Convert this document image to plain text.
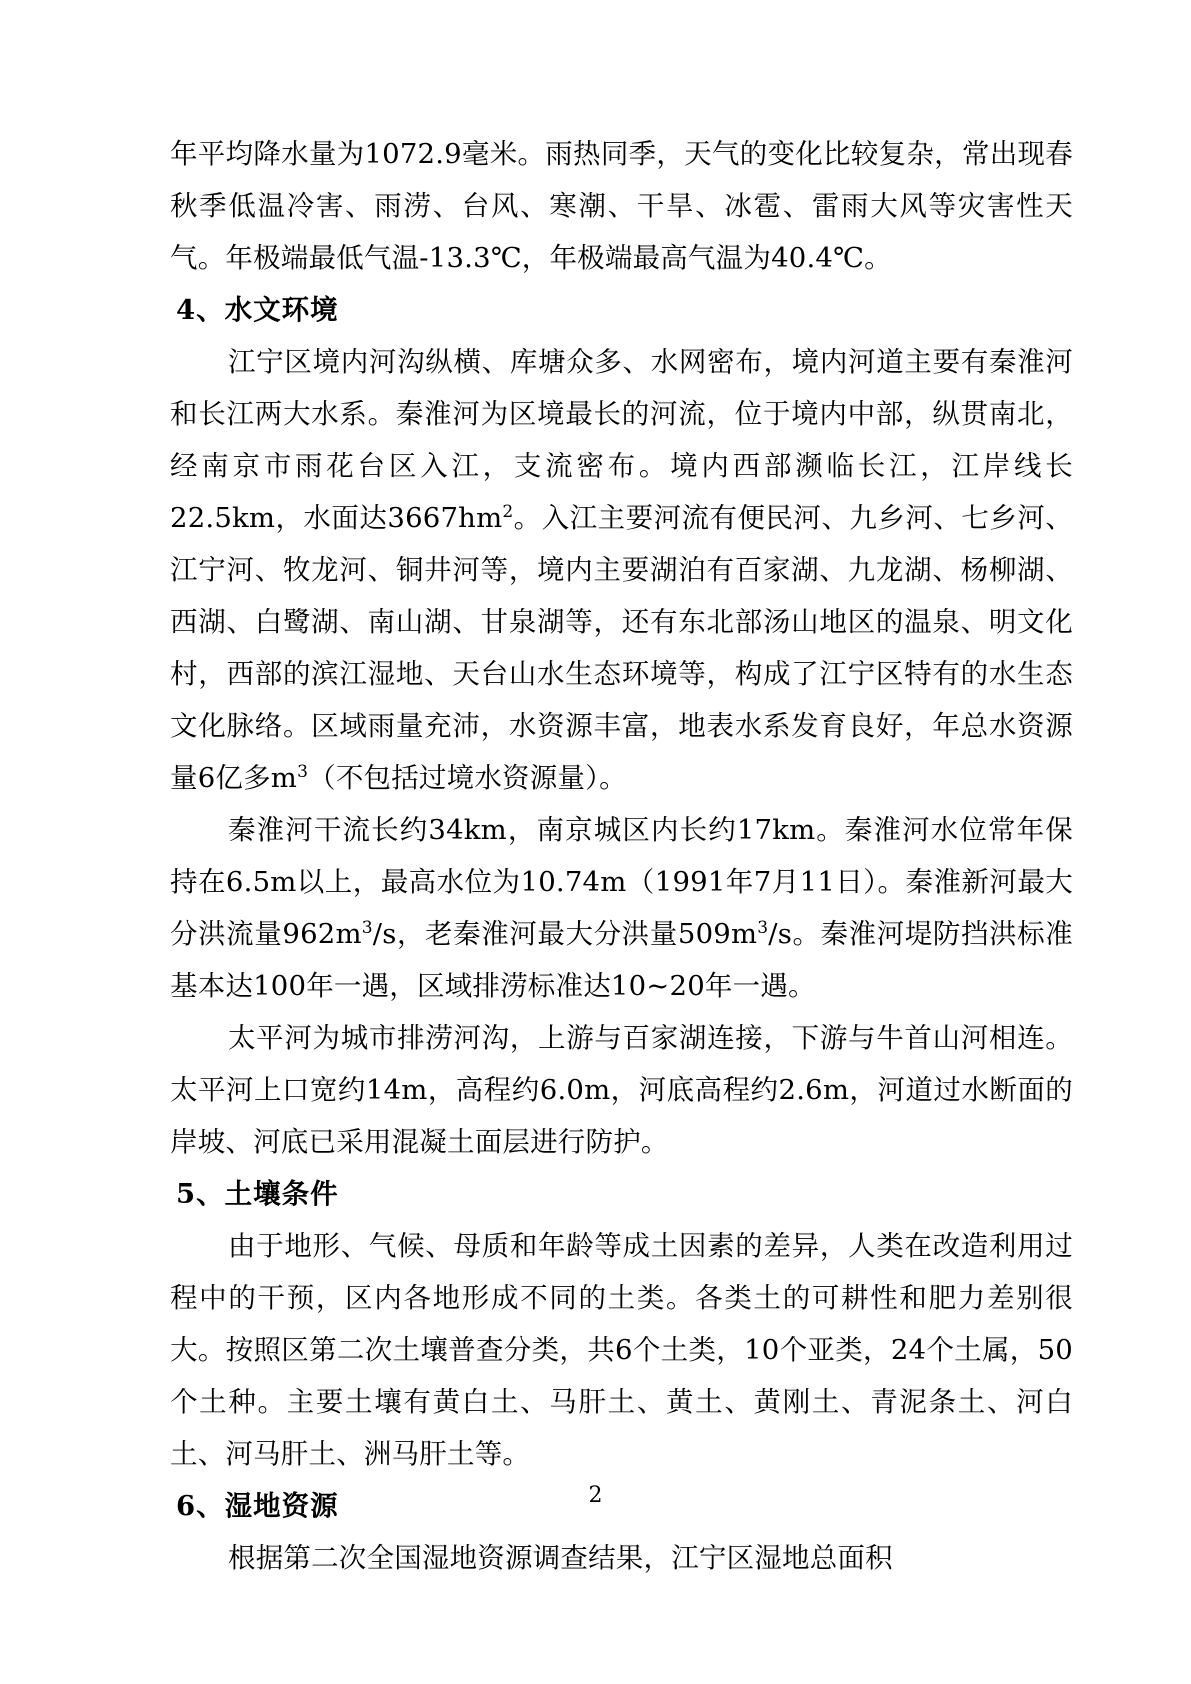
年平均降水量为1072.9毫米。雨热同季，天气的变化比较复杂，常出现春秋季低温冷害、雨涝、台风、寒潮、干旱、冰雹、雷雨大风等灾害性天气。年极端最低气温-13.3℃，年极端最高气温为40.4℃。

4、水文环境

江宁区境内河沟纵横、库塘众多、水网密布，境内河道主要有秦淮河和长江两大水系。秦淮河为区境最长的河流，位于境内中部，纵贯南北，经南京市雨花台区入江，支流密布。境内西部濒临长江，江岸线长22.5km，水面达$3667hm^2$。入江主要河流有便民河、九乡河、七乡河、江宁河、牧龙河、铜井河等，境内主要湖泊有百家湖、九龙湖、杨柳湖、西湖、白鹭湖、南山湖、甘泉湖等，还有东北部汤山地区的温泉、明文化村，西部的滨江湿地、天台山水生态环境等，构成了江宁区特有的水生态文化脉络。区域雨量充沛，水资源丰富，地表水系发育良好，年总水资源量6亿多$m^3$（不包括过境水资源量）。

秦淮河干流长约34km，南京城区内长约17km。秦淮河水位常年保持在6.5m以上，最高水位为10.74m（1991年7月11日）。秦淮新河最大分洪流量$962m^3/s$，老秦淮河最大分洪量$509m^3/s$。秦淮河堤防挡洪标准基本达100年一遇，区域排涝标准达10~20年一遇。

太平河为城市排涝河沟，上游与百家湖连接，下游与牛首山河相连。太平河上口宽约14m，高程约6.0m，河底高程约2.6m，河道过水断面的岸坡、河底已采用混凝土面层进行防护。

5、土壤条件

由于地形、气候、母质和年龄等成土因素的差异，人类在改造利用过程中的干预，区内各地形成不同的土类。各类土的可耕性和肥力差别很大。按照区第二次土壤普查分类，共6个土类，10个亚类，24个土属，50个土种。主要土壤有黄白土、马肝土、黄土、黄刚土、青泥条土、河白土、河马肝土、洲马肝土等。

6、湿地资源

根据第二次全国湿地资源调查结果，江宁区湿地总面积

2
